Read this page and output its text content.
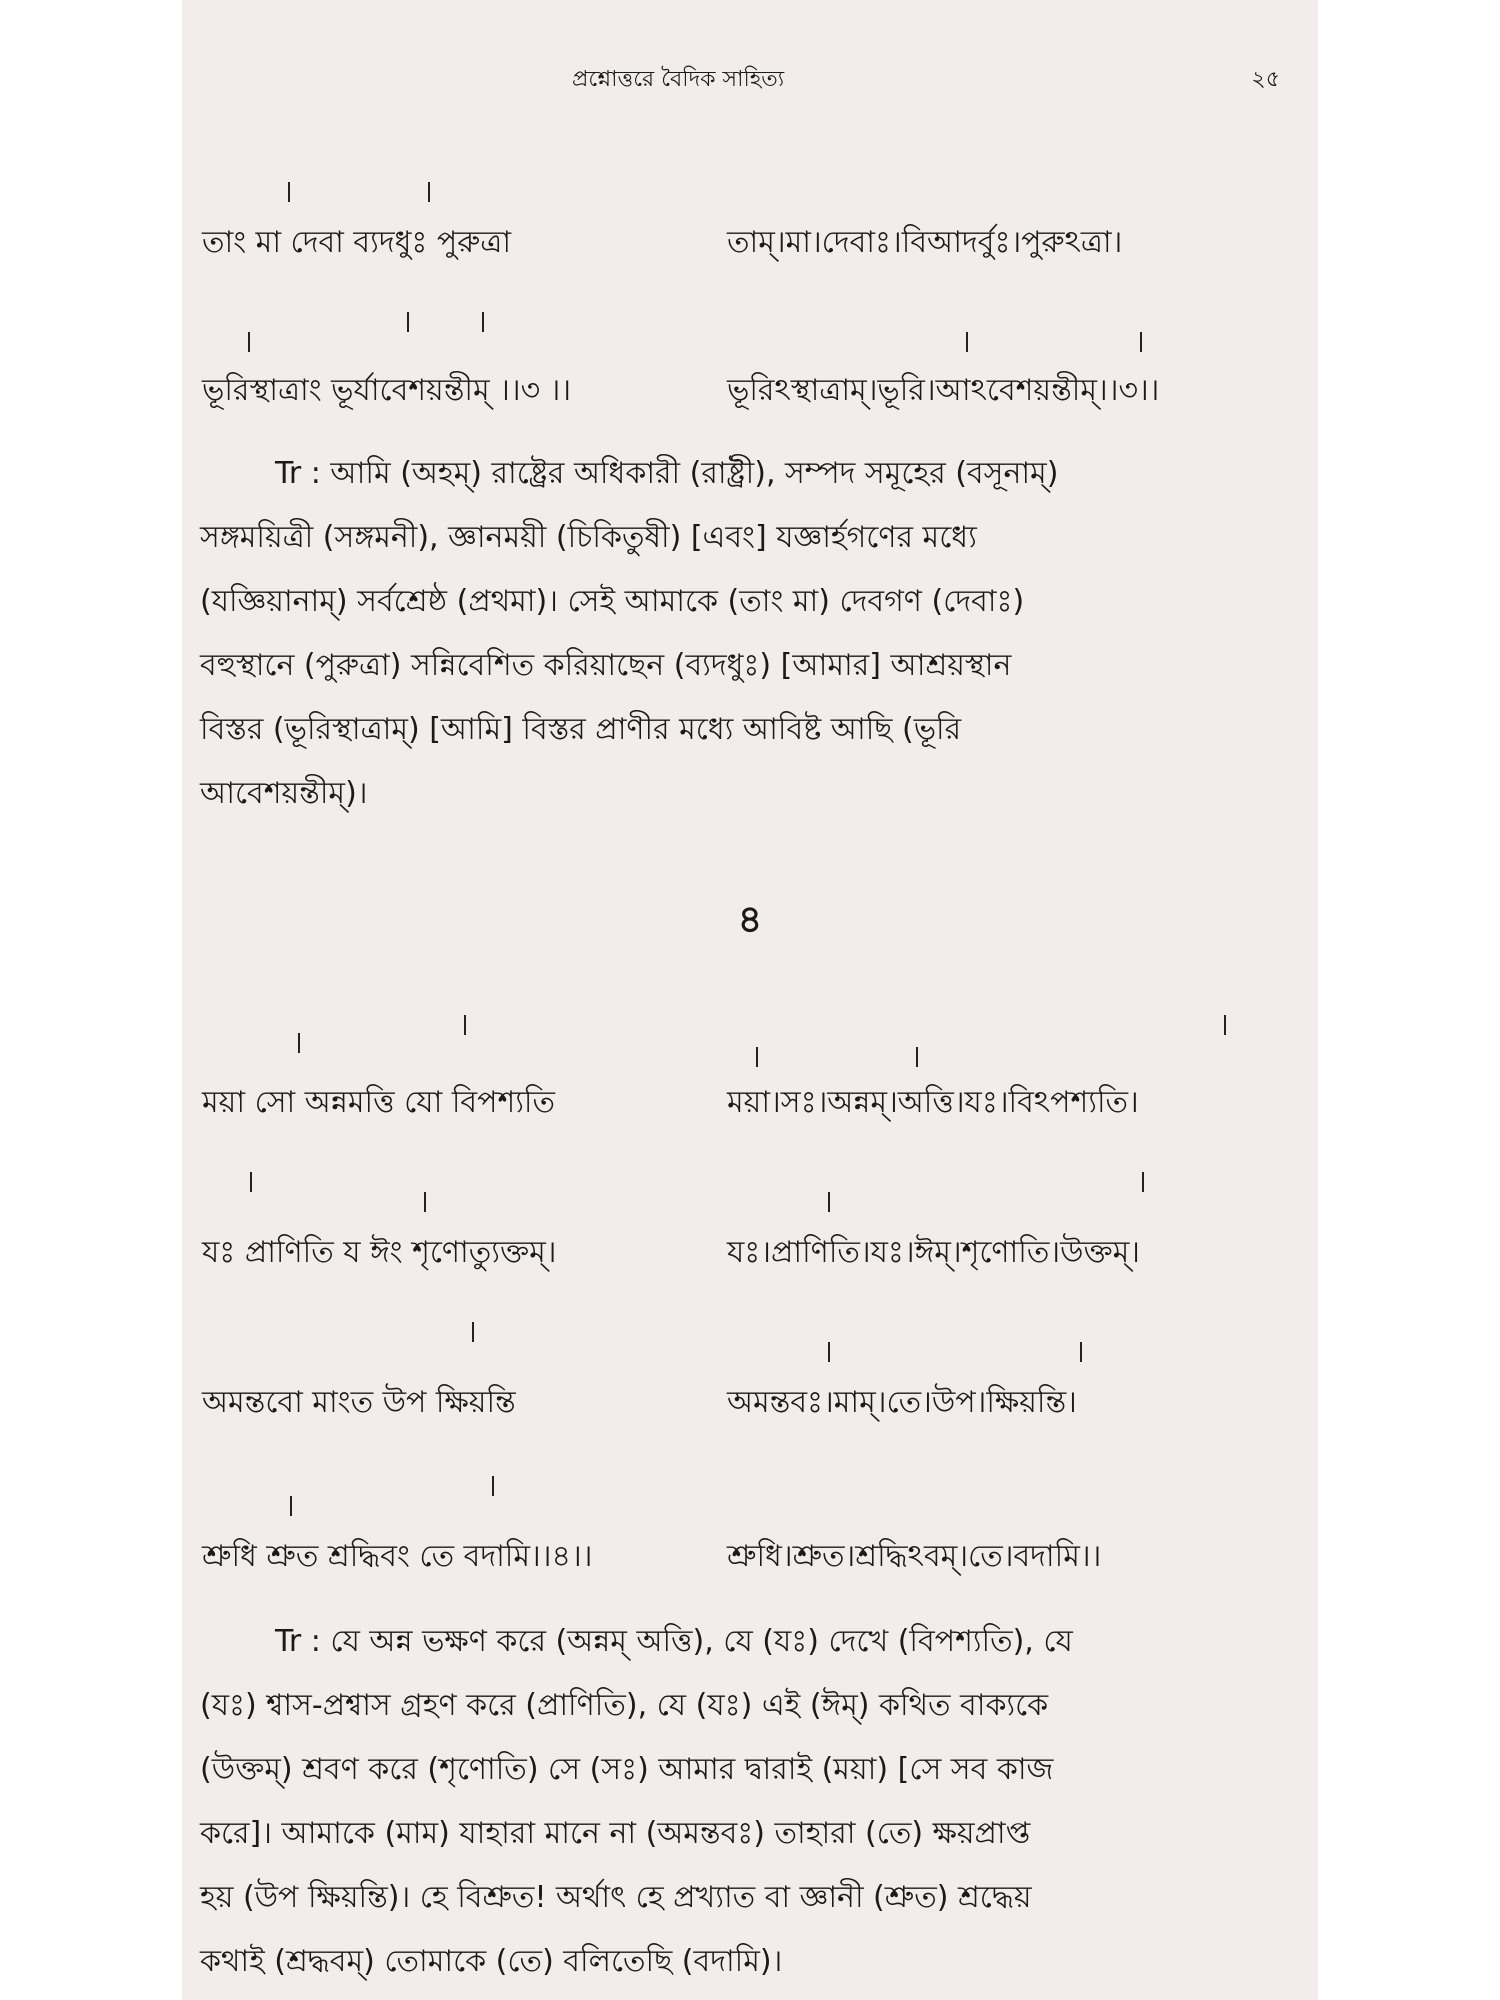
প্রশ্নোত্তরে বৈদিক সাহিত্য	২৫
তাং মা দেবা ব্যদধুঃ পুরুত্রা	তাম্।মা।দেবাঃ।বিআদর্বুঃ।পুরুঽত্রা।
ভূরিস্থাত্রাং ভূর্যাবেশয়ন্তীম্ ।।৩ ।।	ভূরিঽস্থাত্রাম্।ভূরি।আঽবেশয়ন্তীম্।।৩।।
Tr : আমি (অহম্) রাষ্ট্রের অধিকারী (রাষ্ট্রী), সম্পদ সমূহের (বসূনাম্)
সঙ্গময়িত্রী (সঙ্গমনী), জ্ঞানময়ী (চিকিতুষী) [এবং] যজ্ঞার্হগণের মধ্যে
(যজ্ঞিয়ানাম্) সর্বশ্রেষ্ঠ (প্রথমা)। সেই আমাকে (তাং মা) দেবগণ (দেবাঃ)
বহুস্থানে (পুরুত্রা) সন্নিবেশিত করিয়াছেন (ব্যদধুঃ) [আমার] আশ্রয়স্থান
বিস্তর (ভূরিস্থাত্রাম্) [আমি] বিস্তর প্রাণীর মধ্যে আবিষ্ট আছি (ভূরি
আবেশয়ন্তীম্)।
৪
ময়া সো অন্নমত্তি যো বিপশ্যতি	ময়া।সঃ।অন্নম্।অত্তি।যঃ।বিঽপশ্যতি।
যঃ প্রাণিতি য ঈং শৃণোত্যুক্তম্।	যঃ।প্রাণিতি।যঃ।ঈম্।শৃণোতি।উক্তম্।
অমন্তবো মাংত উপ ক্ষিয়ন্তি	অমন্তবঃ।মাম্।তে।উপ।ক্ষিয়ন্তি।
শ্রুধি শ্রুত শ্রদ্ধিবং তে বদামি।।৪।।	শ্রুধি।শ্রুত।শ্রদ্ধিঽবম্।তে।বদামি।।
Tr : যে অন্ন ভক্ষণ করে (অন্নম্ অত্তি), যে (যঃ) দেখে (বিপশ্যতি), যে
(যঃ) শ্বাস-প্রশ্বাস গ্রহণ করে (প্রাণিতি), যে (যঃ) এই (ঈম্) কথিত বাক্যকে
(উক্তম্) শ্রবণ করে (শৃণোতি) সে (সঃ) আমার দ্বারাই (ময়া) [সে সব কাজ
করে]। আমাকে (মাম) যাহারা মানে না (অমন্তবঃ) তাহারা (তে) ক্ষয়প্রাপ্ত
হয় (উপ ক্ষিয়ন্তি)। হে বিশ্রুত! অর্থাৎ হে প্রখ্যাত বা জ্ঞানী (শ্রুত) শ্রদ্ধেয়
কথাই (শ্রদ্ধবম্) তোমাকে (তে) বলিতেছি (বদামি)।
